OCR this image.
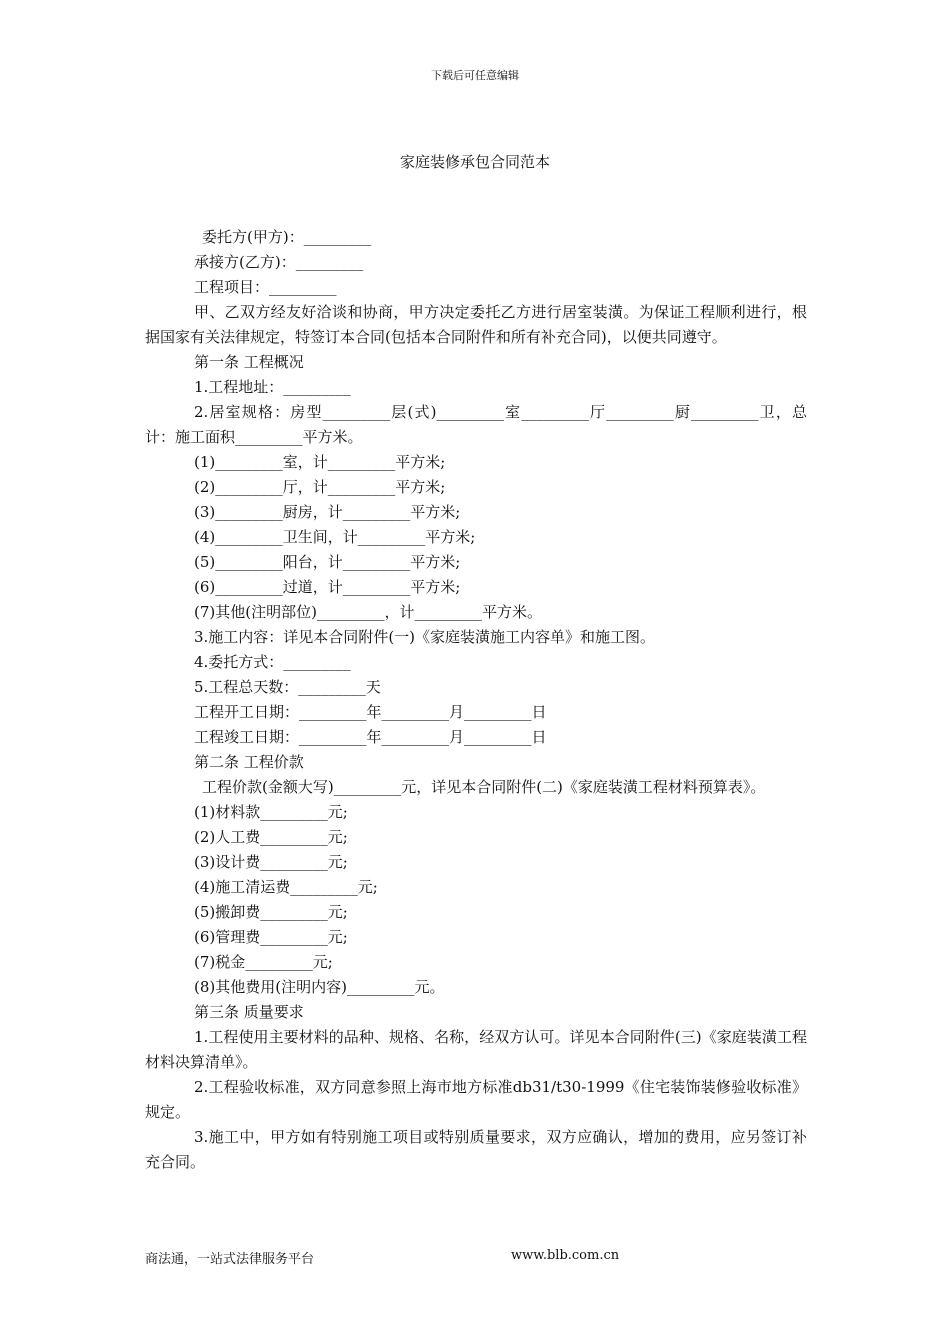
下载后可任意编辑
家庭装修承包合同范本

委托方(甲方)：_________

承接方(乙方)：_________

工程项目：_________

甲、乙双方经友好洽谈和协商，甲方决定委托乙方进行居室装潢。为保证工程顺利进行，根据国家有关法律规定，特签订本合同(包括本合同附件和所有补充合同)，以便共同遵守。

第一条 工程概况

1.工程地址：_________

2.居室规格：房型_________层(式)_________室_________厅_________厨_________卫，总计：施工面积_________平方米。

(1)_________室，计_________平方米;

(2)_________厅，计_________平方米;

(3)_________厨房，计_________平方米;

(4)_________卫生间，计_________平方米;

(5)_________阳台，计_________平方米;

(6)_________过道，计_________平方米;

(7)其他(注明部位)_________，计_________平方米。

3.施工内容：详见本合同附件(一)《家庭装潢施工内容单》和施工图。

4.委托方式：_________

5.工程总天数：_________天

工程开工日期：_________年_________月_________日

工程竣工日期：_________年_________月_________日

第二条 工程价款

工程价款(金额大写)_________元，详见本合同附件(二)《家庭装潢工程材料预算表》。

(1)材料款_________元;

(2)人工费_________元;

(3)设计费_________元;

(4)施工清运费_________元;

(5)搬卸费_________元;

(6)管理费_________元;

(7)税金_________元;

(8)其他费用(注明内容)_________元。

第三条 质量要求

1.工程使用主要材料的品种、规格、名称，经双方认可。详见本合同附件(三)《家庭装潢工程材料决算清单》。

2.工程验收标准，双方同意参照上海市地方标准db31/t30-1999《住宅装饰装修验收标准》规定。

3.施工中，甲方如有特别施工项目或特别质量要求，双方应确认，增加的费用，应另签订补充合同。

商法通，一站式法律服务平台	www.blb.com.cn
